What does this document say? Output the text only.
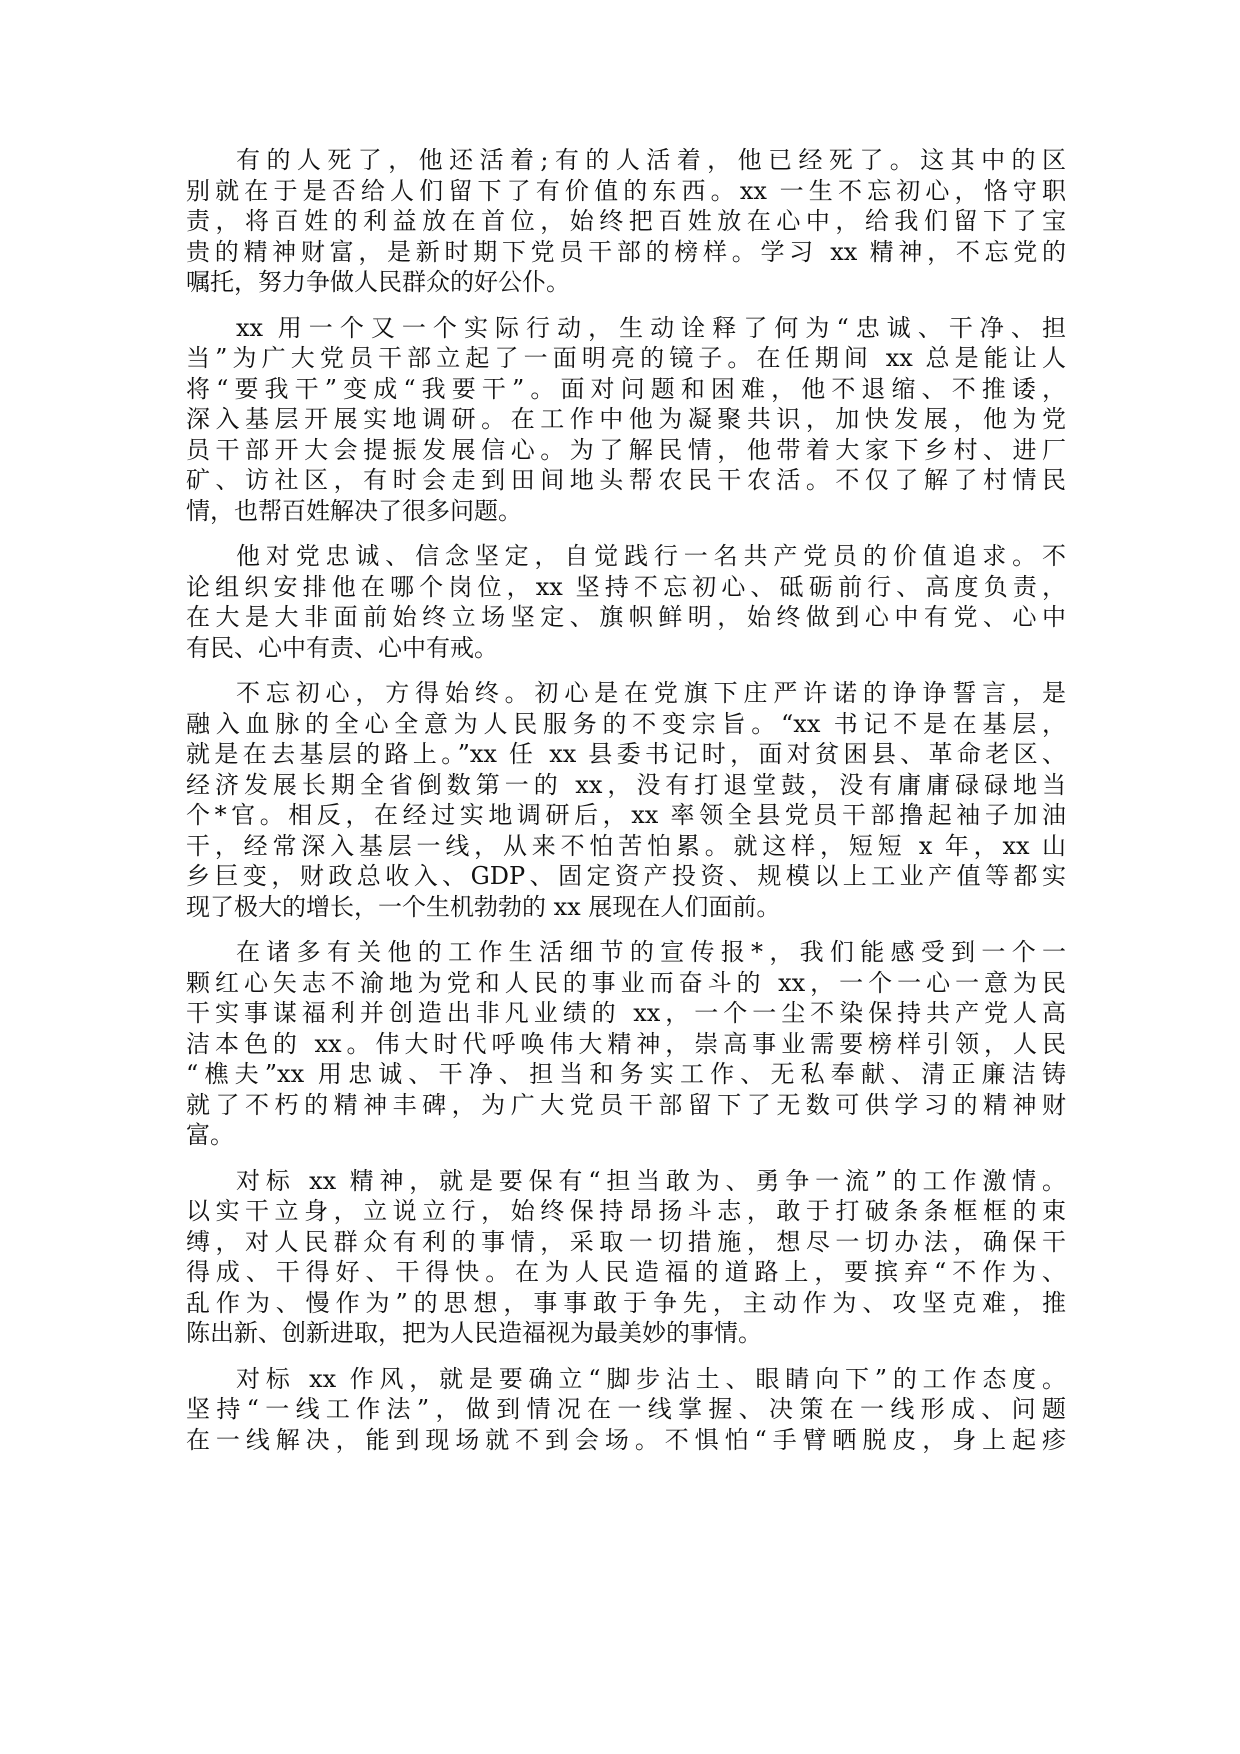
有的人死了，他还活着;有的人活着，他已经死了。这其中的区
别就在于是否给人们留下了有价值的东西。xx 一生不忘初心，恪守职
责，将百姓的利益放在首位，始终把百姓放在心中，给我们留下了宝
贵的精神财富，是新时期下党员干部的榜样。学习 xx 精神，不忘党的
嘱托，努力争做人民群众的好公仆。
xx 用一个又一个实际行动，生动诠释了何为“忠诚、干净、担
当”为广大党员干部立起了一面明亮的镜子。在任期间 xx 总是能让人
将“要我干”变成“我要干”。面对问题和困难，他不退缩、不推诿，
深入基层开展实地调研。在工作中他为凝聚共识，加快发展，他为党
员干部开大会提振发展信心。为了解民情，他带着大家下乡村、进厂
矿、访社区，有时会走到田间地头帮农民干农活。不仅了解了村情民
情，也帮百姓解决了很多问题。
他对党忠诚、信念坚定，自觉践行一名共产党员的价值追求。不
论组织安排他在哪个岗位，xx 坚持不忘初心、砥砺前行、高度负责，
在大是大非面前始终立场坚定、旗帜鲜明，始终做到心中有党、心中
有民、心中有责、心中有戒。
不忘初心，方得始终。初心是在党旗下庄严许诺的诤诤誓言，是
融入血脉的全心全意为人民服务的不变宗旨。“xx 书记不是在基层，
就是在去基层的路上。”xx 任 xx 县委书记时，面对贫困县、革命老区、
经济发展长期全省倒数第一的 xx，没有打退堂鼓，没有庸庸碌碌地当
个*官。相反，在经过实地调研后，xx 率领全县党员干部撸起袖子加油
干，经常深入基层一线，从来不怕苦怕累。就这样，短短 x 年，xx 山
乡巨变，财政总收入、GDP、固定资产投资、规模以上工业产值等都实
现了极大的增长，一个生机勃勃的 xx 展现在人们面前。
在诸多有关他的工作生活细节的宣传报*，我们能感受到一个一
颗红心矢志不渝地为党和人民的事业而奋斗的 xx，一个一心一意为民
干实事谋福利并创造出非凡业绩的 xx，一个一尘不染保持共产党人高
洁本色的 xx。伟大时代呼唤伟大精神，崇高事业需要榜样引领，人民
“樵夫”xx 用忠诚、干净、担当和务实工作、无私奉献、清正廉洁铸
就了不朽的精神丰碑，为广大党员干部留下了无数可供学习的精神财
富。
对标 xx 精神，就是要保有“担当敢为、勇争一流”的工作激情。
以实干立身，立说立行，始终保持昂扬斗志，敢于打破条条框框的束
缚，对人民群众有利的事情，采取一切措施，想尽一切办法，确保干
得成、干得好、干得快。在为人民造福的道路上，要摈弃“不作为、
乱作为、慢作为”的思想，事事敢于争先，主动作为、攻坚克难，推
陈出新、创新进取，把为人民造福视为最美妙的事情。
对标 xx 作风，就是要确立“脚步沾土、眼睛向下”的工作态度。
坚持“一线工作法”，做到情况在一线掌握、决策在一线形成、问题
在一线解决，能到现场就不到会场。不惧怕“手臂晒脱皮，身上起疹
